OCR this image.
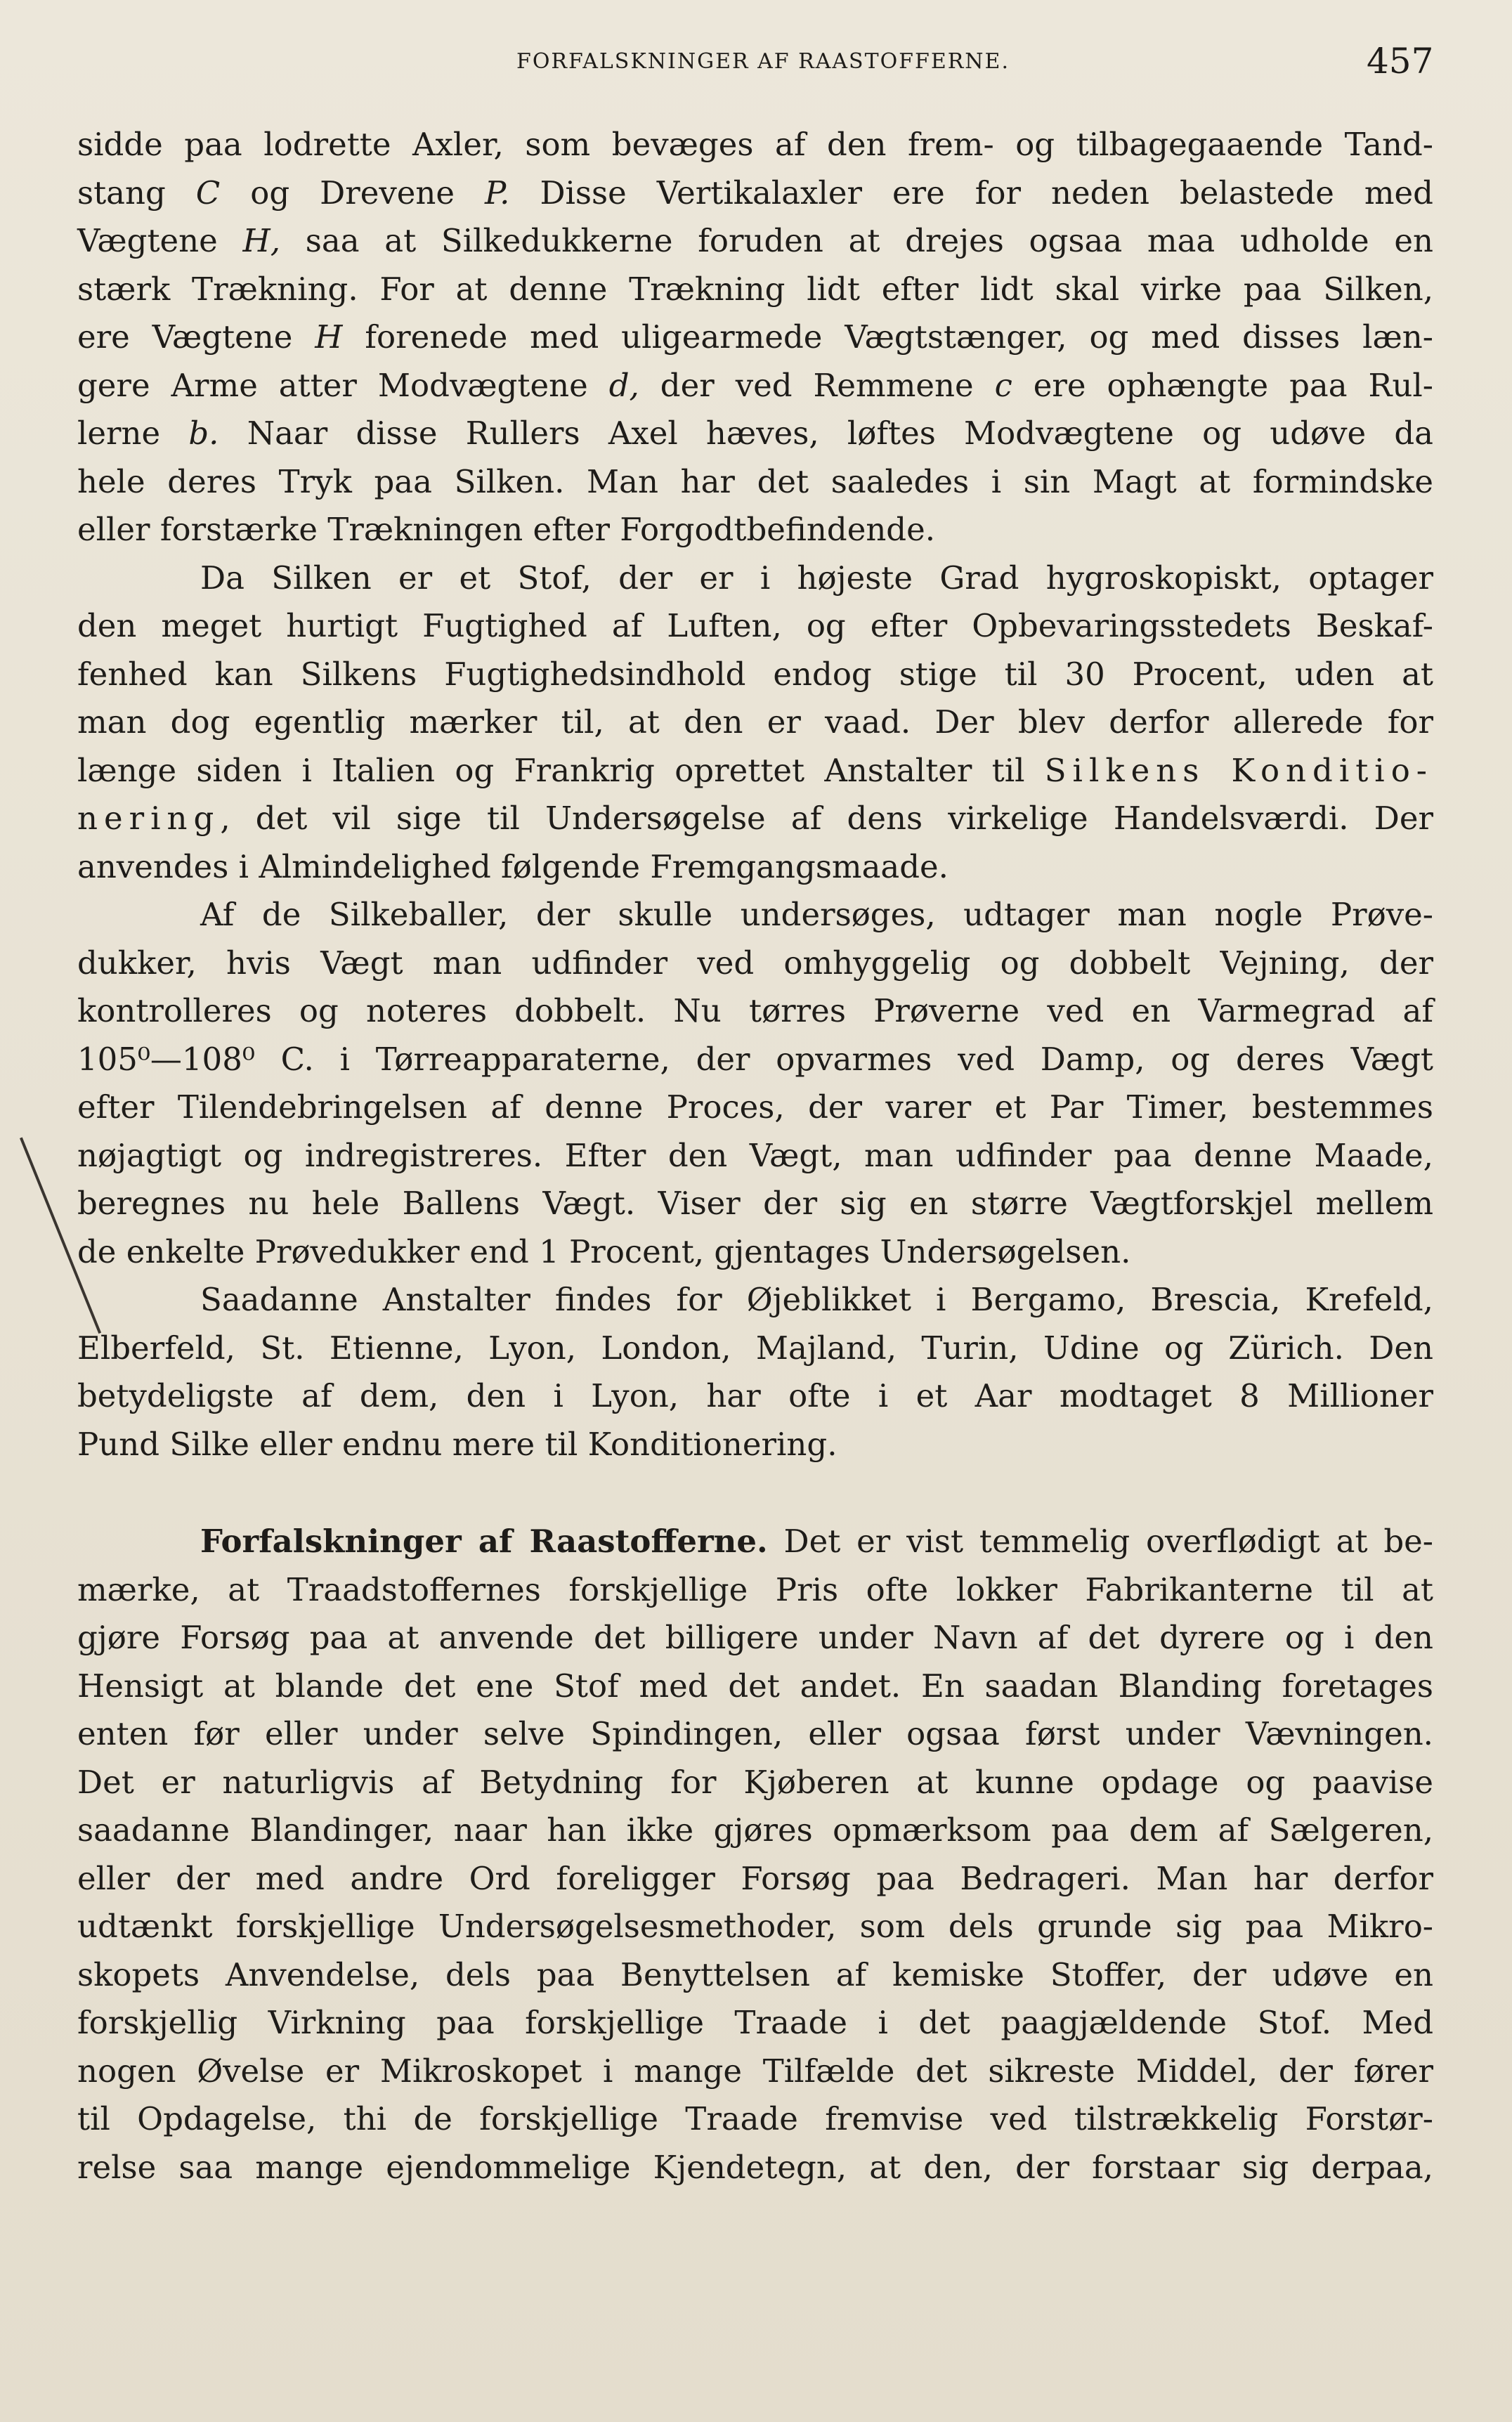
FORFALSKNINGER AF RAASTOFFERNE.	457
sidde paa lodrette Axler, som bevæges af den frem- og tilbagegaaende Tand-
stang C og Drevene P. Disse Vertikalaxler ere for neden belastede med
Vægtene H, saa at Silkedukkerne foruden at drejes ogsaa maa udholde en
stærk Trækning. For at denne Trækning lidt efter lidt skal virke paa Silken,
ere Vægtene H forenede med uligearmede Vægtstænger, og med disses læn-
gere Arme atter Modvægtene d, der ved Remmene c ere ophængte paa Rul-
lerne b. Naar disse Rullers Axel hæves, løftes Modvægtene og udøve da
hele deres Tryk paa Silken. Man har det saaledes i sin Magt at formindske
eller forstærke Trækningen efter Forgodtbefindende.
Da Silken er et Stof, der er i højeste Grad hygroskopiskt, optager
den meget hurtigt Fugtighed af Luften, og efter Opbevaringsstedets Beskaf-
fenhed kan Silkens Fugtighedsindhold endog stige til 30 Procent, uden at
man dog egentlig mærker til, at den er vaad. Der blev derfor allerede for
længe siden i Italien og Frankrig oprettet Anstalter til Silkens Konditio-
nering, det vil sige til Undersøgelse af dens virkelige Handelsværdi. Der
anvendes i Almindelighed følgende Fremgangsmaade.
Af de Silkeballer, der skulle undersøges, udtager man nogle Prøve-
dukker, hvis Vægt man udfinder ved omhyggelig og dobbelt Vejning, der
kontrolleres og noteres dobbelt. Nu tørres Prøverne ved en Varmegrad af
105⁰—108⁰ C. i Tørreapparaterne, der opvarmes ved Damp, og deres Vægt
efter Tilendebringelsen af denne Proces, der varer et Par Timer, bestemmes
nøjagtigt og indregistreres. Efter den Vægt, man udfinder paa denne Maade,
beregnes nu hele Ballens Vægt. Viser der sig en større Vægtforskjel mellem
de enkelte Prøvedukker end 1 Procent, gjentages Undersøgelsen.
Saadanne Anstalter findes for Øjeblikket i Bergamo, Brescia, Krefeld,
Elberfeld, St. Etienne, Lyon, London, Majland, Turin, Udine og Zürich. Den
betydeligste af dem, den i Lyon, har ofte i et Aar modtaget 8 Millioner
Pund Silke eller endnu mere til Konditionering.
Forfalskninger af Raastofferne. Det er vist temmelig overflødigt at be-
mærke, at Traadstoffernes forskjellige Pris ofte lokker Fabrikanterne til at
gjøre Forsøg paa at anvende det billigere under Navn af det dyrere og i den
Hensigt at blande det ene Stof med det andet. En saadan Blanding foretages
enten før eller under selve Spindingen, eller ogsaa først under Vævningen.
Det er naturligvis af Betydning for Kjøberen at kunne opdage og paavise
saadanne Blandinger, naar han ikke gjøres opmærksom paa dem af Sælgeren,
eller der med andre Ord foreligger Forsøg paa Bedrageri. Man har derfor
udtænkt forskjellige Undersøgelsesmethoder, som dels grunde sig paa Mikro-
skopets Anvendelse, dels paa Benyttelsen af kemiske Stoffer, der udøve en
forskjellig Virkning paa forskjellige Traade i det paagjældende Stof. Med
nogen Øvelse er Mikroskopet i mange Tilfælde det sikreste Middel, der fører
til Opdagelse, thi de forskjellige Traade fremvise ved tilstrækkelig Forstør-
relse saa mange ejendommelige Kjendetegn, at den, der forstaar sig derpaa,
